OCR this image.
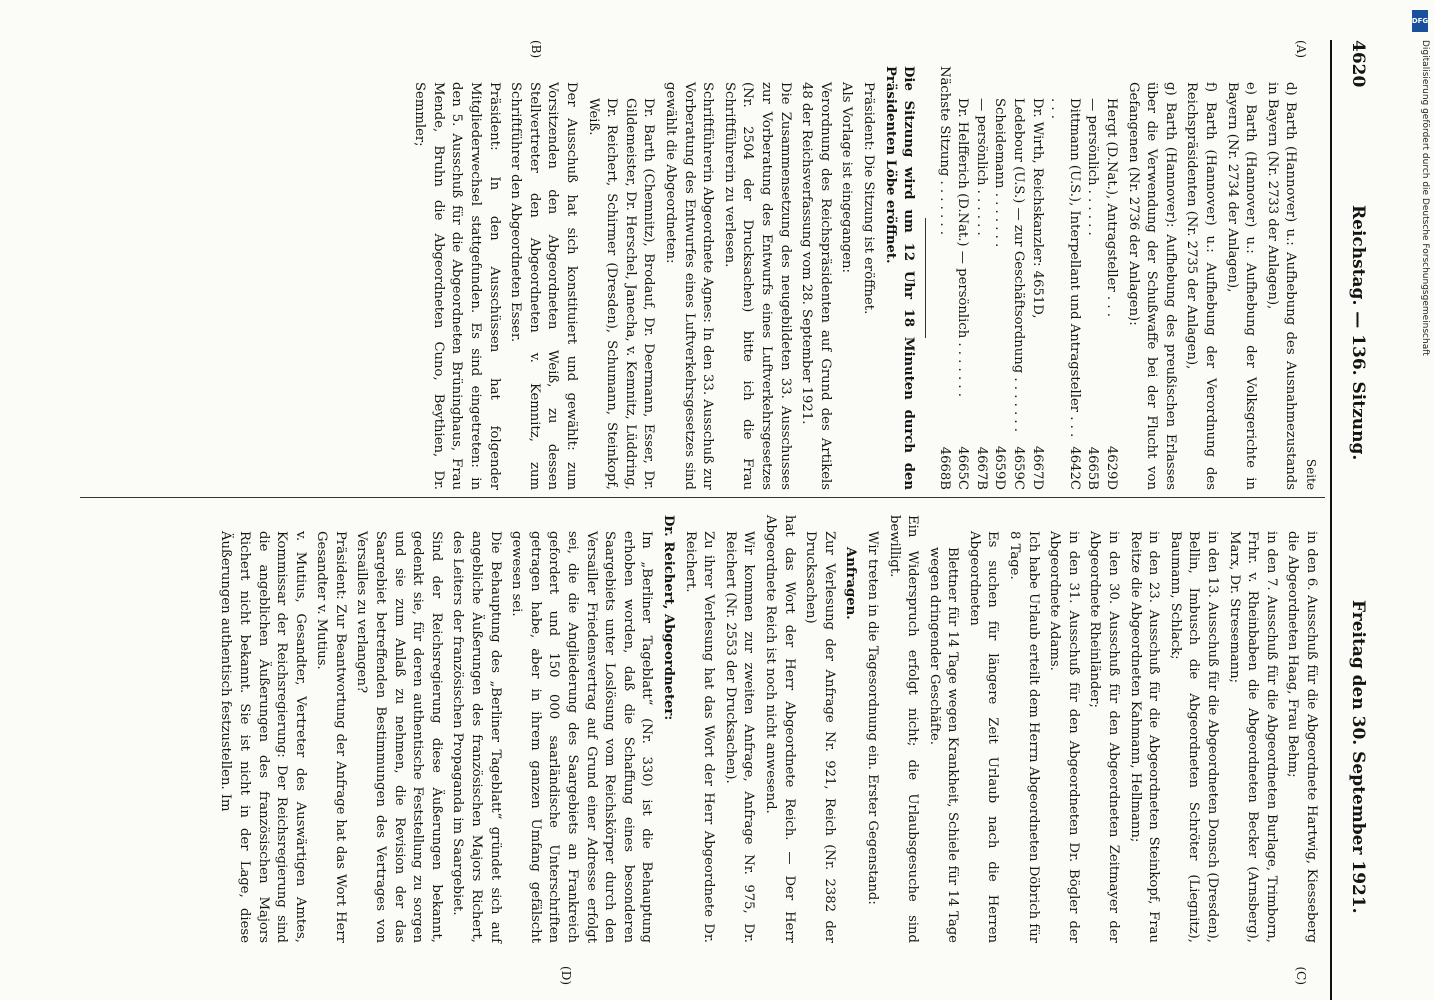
4620
Reichstag. — 136. Sitzung.
Freitag den 30. September 1921.
(A)
(B)
Seite

d) Barth (Hannover) u.: Aufhebung des Ausnahmezustands in Bayern (Nr. 2733 der Anlagen),

e) Barth (Hannover) u.: Aufhebung der Volksgerichte in Bayern (Nr. 2734 der Anlagen),

f) Barth (Hannover) u.: Aufhebung der Verordnung des Reichspräsidenten (Nr. 2735 der Anlagen),

g) Barth (Hannover): Aufhebung des preußischen Erlasses über die Verwendung der Schußwaffe bei der Flucht von Gefangenen (Nr. 2736 der Anlagen):

Hergt (D.Nat.), Antragsteller . . .
4629D
— persönlich . . . . . .
4665B
Dittmann (U.S.), Interpellant und Antragsteller . . . . . .
4642C
Dr. Wirth, Reichskanzler: 4651D,
4667D
Ledebour (U.S.) — zur Geschäftsordnung . . . . . . .
4659C
Scheidemann . . . . . . .
4659D
— persönlich . . . . . .
4667B
Dr. Helfferich (D.Nat.) — persönlich . . . . . . .
4665C
Nächste Sitzung . . . . . . .
4668B

Die Sitzung wird um 12 Uhr 18 Minuten durch den Präsidenten Löbe eröffnet.

Präsident: Die Sitzung ist eröffnet.

Als Vorlage ist eingegangen:

Verordnung des Reichspräsidenten auf Grund des Artikels 48 der Reichsverfassung vom 28. September 1921.

Die Zusammensetzung des neugebildeten 33. Ausschusses zur Vorberatung des Entwurfs eines Luftverkehrsgesetzes (Nr. 2504 der Drucksachen) bitte ich die Frau Schriftführerin zu verlesen.

Schriftführerin Abgeordnete Agnes: In den 33. Ausschuß zur Vorberatung des Entwurfes eines Luftverkehrsgesetzes sind gewählt die Abgeordneten:

Dr. Barth (Chemnitz), Brodauf, Dr. Deermann, Esser, Dr. Gildemeister, Dr. Herschel, Janecha, v. Kemnitz, Lüddring, Dr. Reichert, Schirmer (Dresden), Schumann, Steinkopf, Weiß.

Der Ausschuß hat sich konstituiert und gewählt: zum Vorsitzenden den Abgeordneten Weiß, zu dessen Stellvertreter den Abgeordneten v. Kemnitz, zum Schriftführer den Abgeordneten Esser.

Präsident: In den Ausschüssen hat folgender Mitgliederwechsel stattgefunden. Es sind eingetreten: in den 5. Ausschuß für die Abgeordneten Brüninghaus, Frau Mende, Bruhn die Abgeordneten Cuno, Beythien, Dr. Semmler;

(C)
(D)

in den 6. Ausschuß für die Abgeordnete Hartwig, Kiesseberg die Abgeordneten Haag, Frau Behm;

in den 7. Ausschuß für die Abgeordneten Burlage, Trimborn, Frhr. v. Rheinbaben die Abgeordneten Becker (Arnsberg), Marx, Dr. Stresemann;

in den 13. Ausschuß für die Abgeordneten Donsch (Dresden), Bellin, Imbusch die Abgeordneten Schröter (Liegnitz), Baumann, Schlack;

in den 23. Ausschuß für die Abgeordneten Steinkopf, Frau Reitze die Abgeordneten Kahmann, Hellmann;

in den 30. Ausschuß für den Abgeordneten Zeitmayer der Abgeordnete Rheinländer;

in den 31. Ausschuß für den Abgeordneten Dr. Bögler der Abgeordnete Adams.

Ich habe Urlaub erteilt dem Herrn Abgeordneten Döbrich für 8 Tage.

Es suchen für längere Zeit Urlaub nach die Herren Abgeordneten

Blettner für 14 Tage wegen Krankheit, Schiele für 14 Tage wegen dringender Geschäfte.

Ein Widerspruch erfolgt nicht; die Urlaubsgesuche sind bewilligt.

Wir treten in die Tagesordnung ein. Erster Gegenstand:

Anfragen.

Zur Verlesung der Anfrage Nr. 921, Reich (Nr. 2382 der Drucksachen)

hat das Wort der Herr Abgeordnete Reich. — Der Herr Abgeordnete Reich ist noch nicht anwesend.

Wir kommen zur zweiten Anfrage, Anfrage Nr. 975, Dr. Reichert (Nr. 2553 der Drucksachen).

Zu ihrer Verlesung hat das Wort der Herr Abgeordnete Dr. Reichert.

Dr. Reichert, Abgeordneter:

Im „Berliner Tageblatt“ (Nr. 330) ist die Behauptung erhoben worden, daß die Schaffung eines besonderen Saargebiets unter Loslösung vom Reichskörper durch den Versailler Friedensvertrag auf Grund einer Adresse erfolgt sei, die die Angliederung des Saargebiets an Frankreich gefordert und 150 000 saarländische Unterschriften getragen habe, aber in ihrem ganzen Umfang gefälscht gewesen sei.

Die Behauptung des „Berliner Tageblatt“ gründet sich auf angebliche Äußerungen des französischen Majors Richert, des Leiters der französischen Propaganda im Saargebiet.

Sind der Reichsregierung diese Äußerungen bekannt, gedenkt sie, für deren authentische Feststellung zu sorgen und sie zum Anlaß zu nehmen, die Revision der das Saargebiet betreffenden Bestimmungen des Vertrages von Versailles zu verlangen?

Präsident: Zur Beantwortung der Anfrage hat das Wort Herr Gesandter v. Mutius.

v. Mutius, Gesandter, Vertreter des Auswärtigen Amtes, Kommissar der Reichsregierung: Der Reichsregierung sind die angeblichen Äußerungen des französischen Majors Richert nicht bekannt. Sie ist nicht in der Lage, diese Äußerungen authentisch festzustellen. Im

DFG
Digitalisierung gefördert durch die Deutsche Forschungsgemeinschaft
